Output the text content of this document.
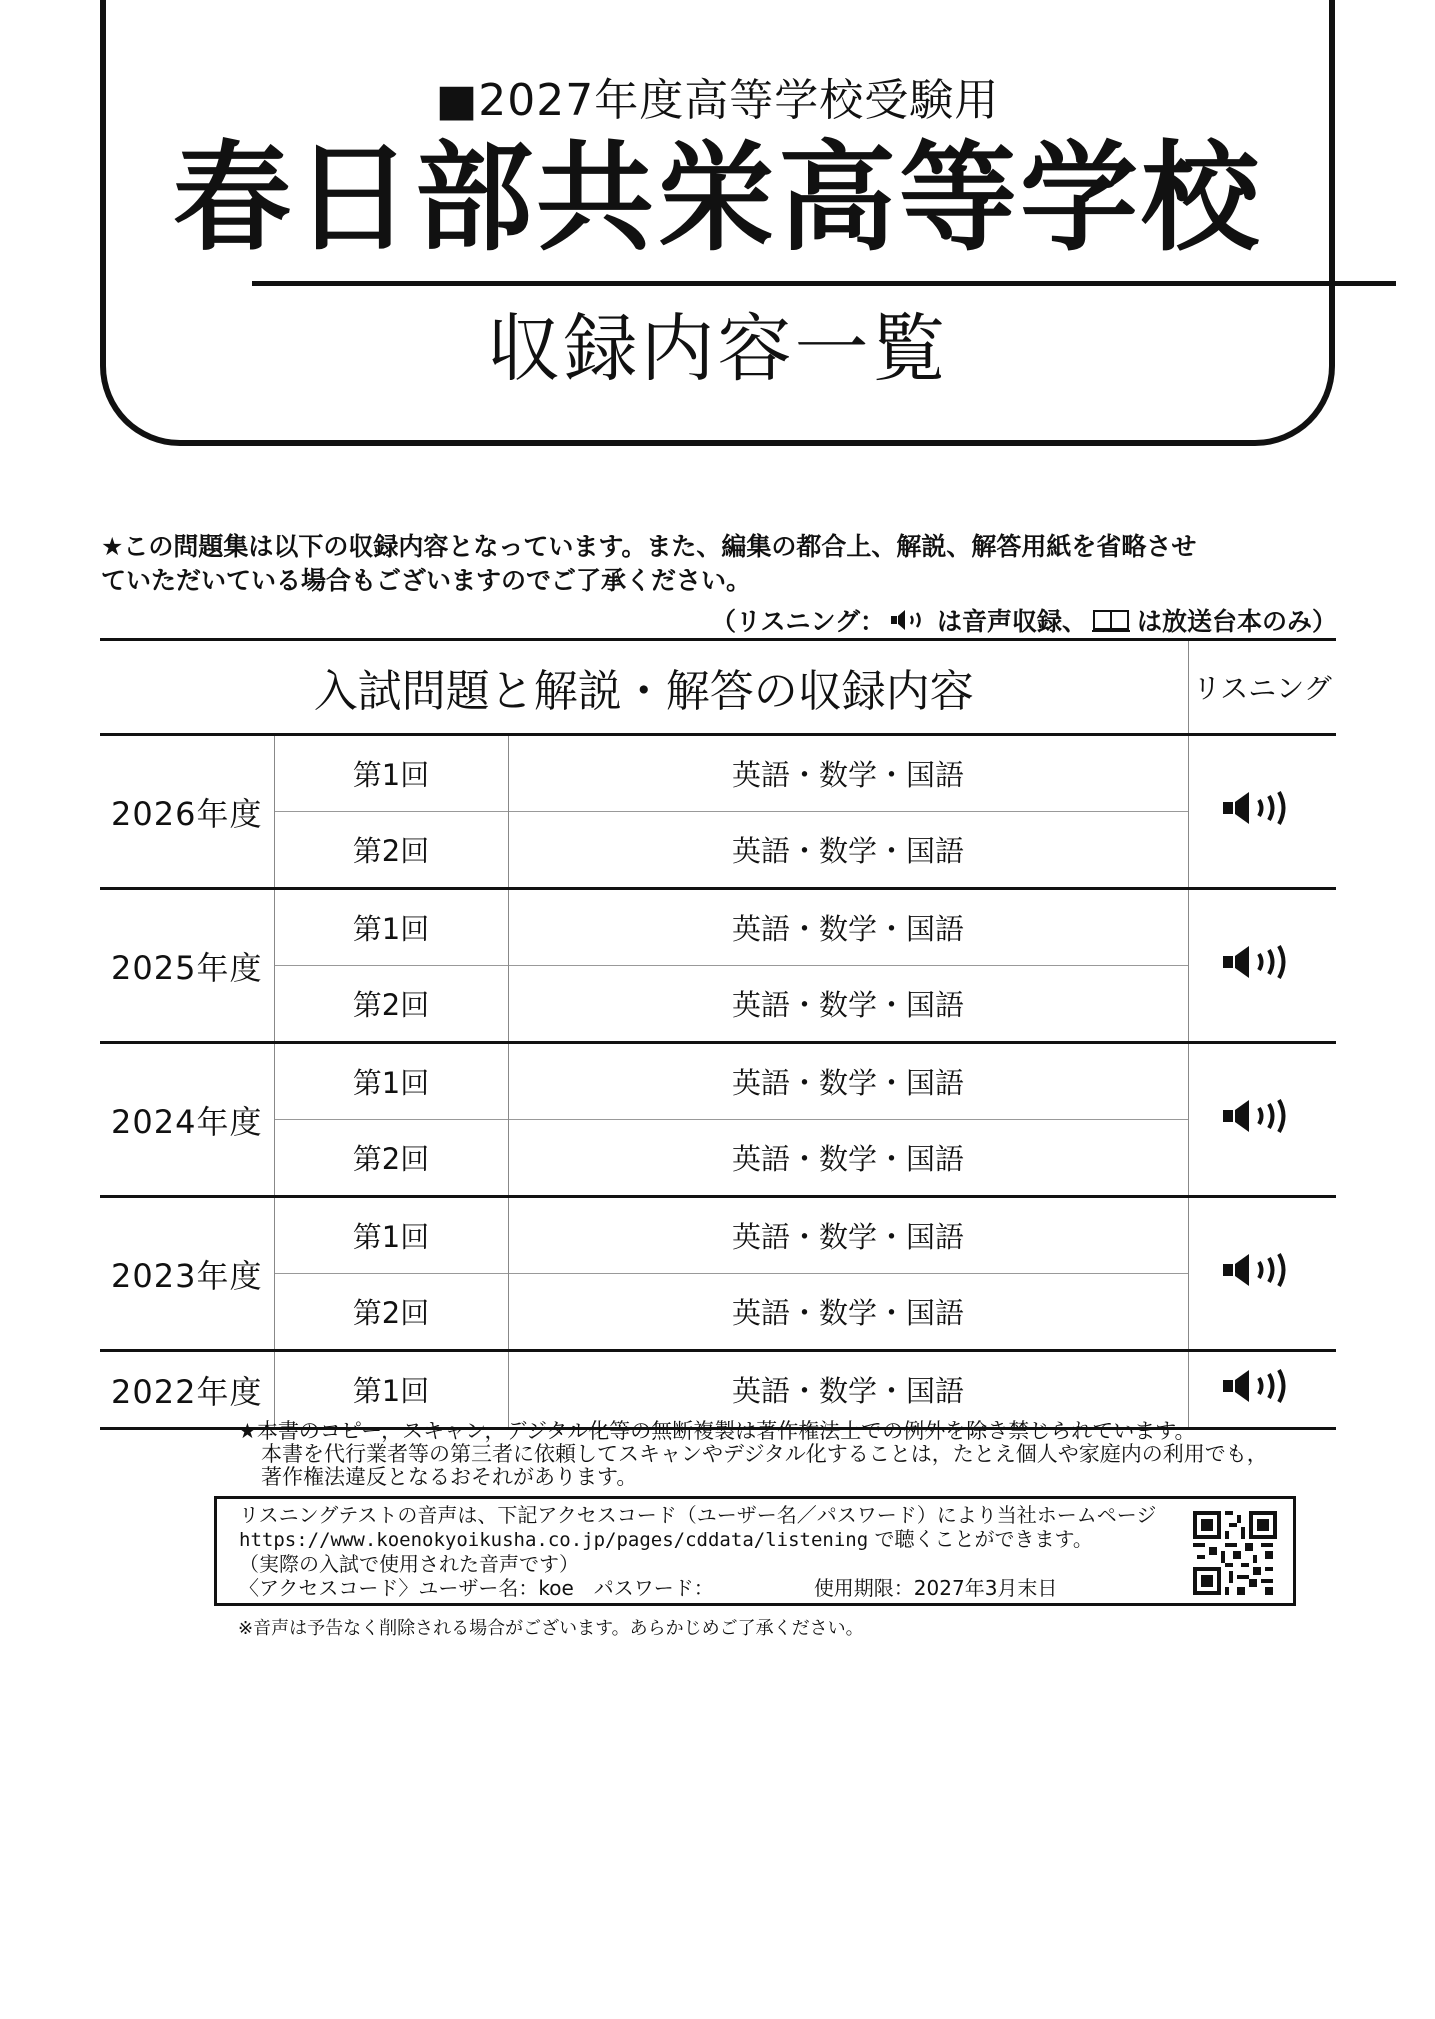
■2027年度高等学校受験用
春日部共栄高等学校
収録内容一覧
★この問題集は以下の収録内容となっています。また、編集の都合上、解説、解答用紙を省略させ
ていただいている場合もございますのでご了承ください。
（リスニング： は音声収録、 は放送台本のみ）
入試問題と解説・解答の収録内容			リスニング
2026年度	第1回	英語・数学・国語	
	第2回	英語・数学・国語	
2025年度	第1回	英語・数学・国語	
	第2回	英語・数学・国語	
2024年度	第1回	英語・数学・国語	
	第2回	英語・数学・国語	
2023年度	第1回	英語・数学・国語	
	第2回	英語・数学・国語	
2022年度	第1回	英語・数学・国語	
★本書のコピー，スキャン，デジタル化等の無断複製は著作権法上での例外を除き禁じられています。
本書を代行業者等の第三者に依頼してスキャンやデジタル化することは，たとえ個人や家庭内の利用でも，
著作権法違反となるおそれがあります。
リスニングテストの音声は、下記アクセスコード（ユーザー名／パスワード）により当社ホームページ
https://www.koenokyoikusha.co.jp/pages/cddata/listening で聴くことができます。
（実際の入試で使用された音声です）
〈アクセスコード〉ユーザー名：koe　パスワード：	使用期限：2027年3月末日
※音声は予告なく削除される場合がございます。あらかじめご了承ください。
